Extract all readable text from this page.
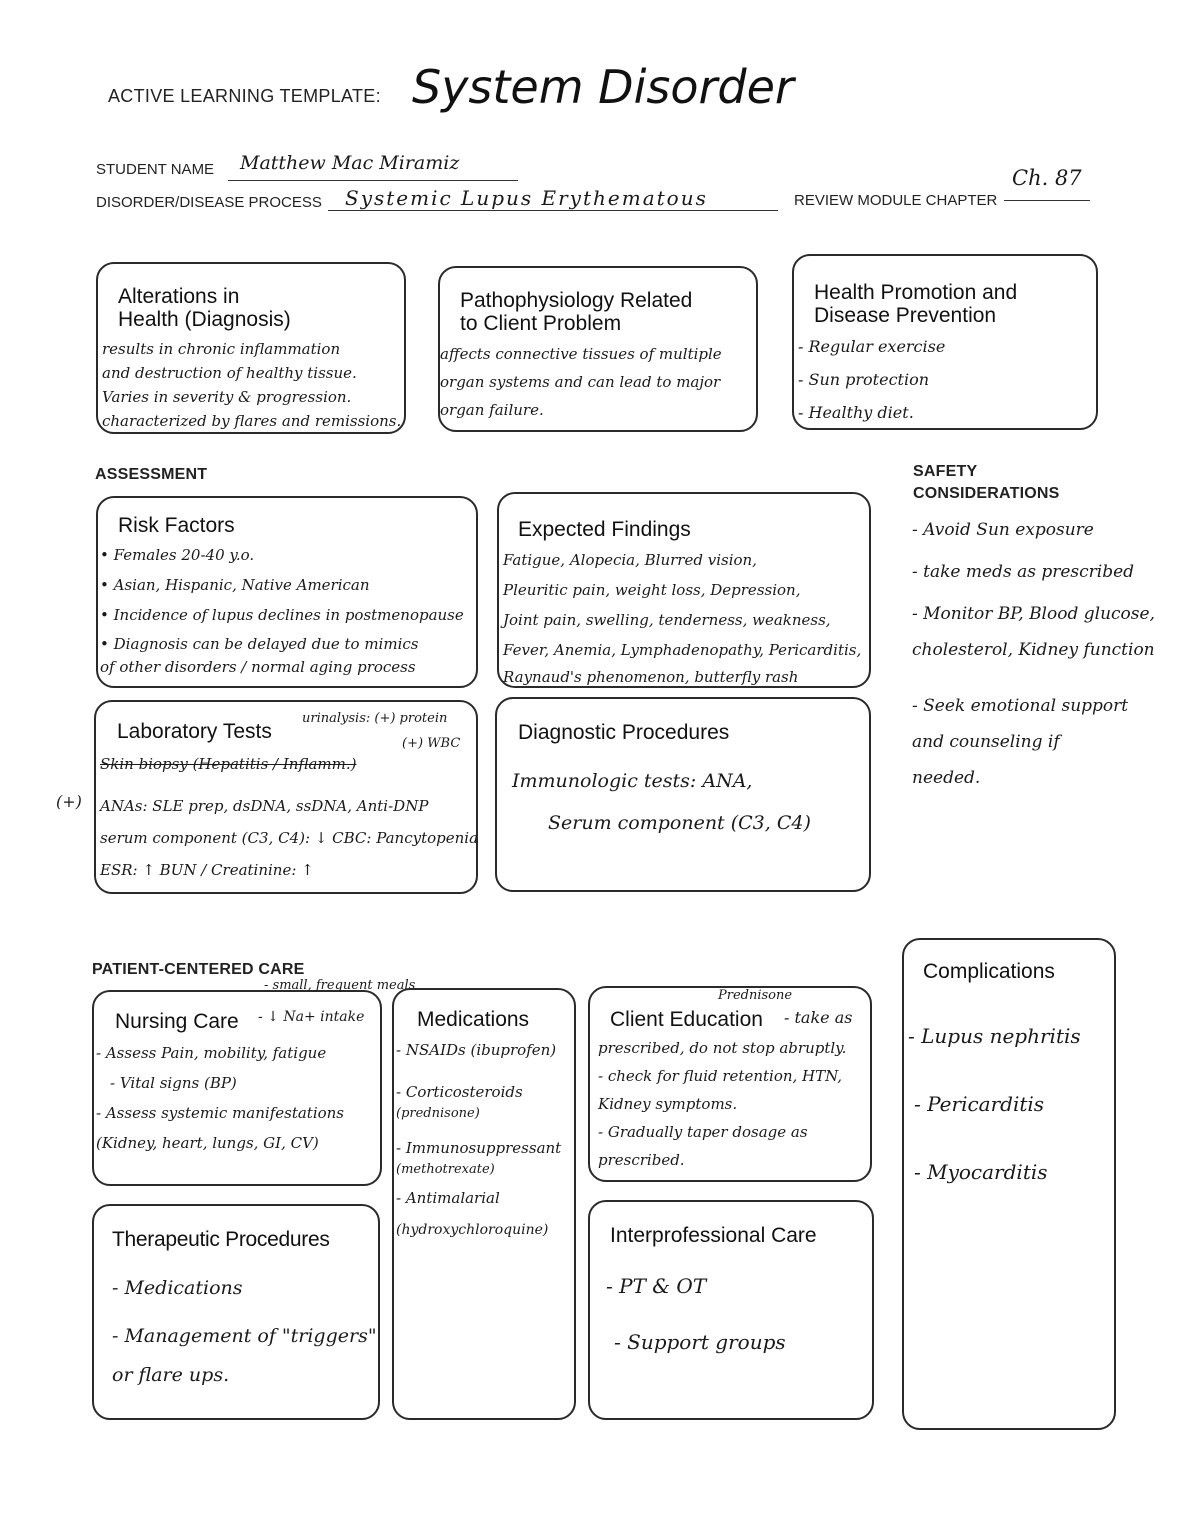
ACTIVE LEARNING TEMPLATE: System Disorder
STUDENT NAME Matthew Mac Miramiz
DISORDER/DISEASE PROCESS Systemic Lupus Erythematous	REVIEW MODULE CHAPTER
Ch. 87
Alterations in
Health (Diagnosis)
results in chronic inflammation
and destruction of healthy tissue.
Varies in severity & progression.
characterized by flares and remissions.
Pathophysiology Related
to Client Problem
affects connective tissues of multiple
organ systems and can lead to major
organ failure.
Health Promotion and
Disease Prevention
- Regular exercise
- Sun protection
- Healthy diet.
ASSESSMENT	SAFETY
CONSIDERATIONS
Risk Factors
• Females 20-40 y.o.
• Asian, Hispanic, Native American
• Incidence of lupus declines in postmenopause
• Diagnosis can be delayed due to mimics
of other disorders / normal aging process
Expected Findings
Fatigue, Alopecia, Blurred vision,
Pleuritic pain, weight loss, Depression,
Joint pain, swelling, tenderness, weakness,
Fever, Anemia, Lymphadenopathy, Pericarditis,
Raynaud's phenomenon, butterfly rash
- Avoid Sun exposure
- take meds as prescribed
- Monitor BP, Blood glucose,
cholesterol, Kidney function
- Seek emotional support
and counseling if
needed.
Laboratory Tests
urinalysis: (+) protein
(+) WBC
Skin biopsy (Hepatitis / Inflamm.)
(+) ANAs: SLE prep, dsDNA, ssDNA, Anti-DNP
serum component (C3, C4): ↓ CBC: Pancytopenia
ESR: ↑ BUN / Creatinine: ↑
Diagnostic Procedures
Immunologic tests: ANA,
Serum component (C3, C4)
Complications
- Lupus nephritis
- Pericarditis
- Myocarditis
PATIENT-CENTERED CARE
- small, frequent meals
Nursing Care - ↓ Na+ intake
- Assess Pain, mobility, fatigue
- Vital signs (BP)
- Assess systemic manifestations
(Kidney, heart, lungs, GI, CV)
Medications
- NSAIDs (ibuprofen)
- Corticosteroids
(prednisone)
- Immunosuppressant
(methotrexate)
- Antimalarial
(hydroxychloroquine)
Prednisone
Client Education - take as
prescribed, do not stop abruptly.
- check for fluid retention, HTN,
Kidney symptoms.
- Gradually taper dosage as
prescribed.
Therapeutic Procedures
- Medications
- Management of "triggers"
or flare ups.
Interprofessional Care
- PT & OT
- Support groups
